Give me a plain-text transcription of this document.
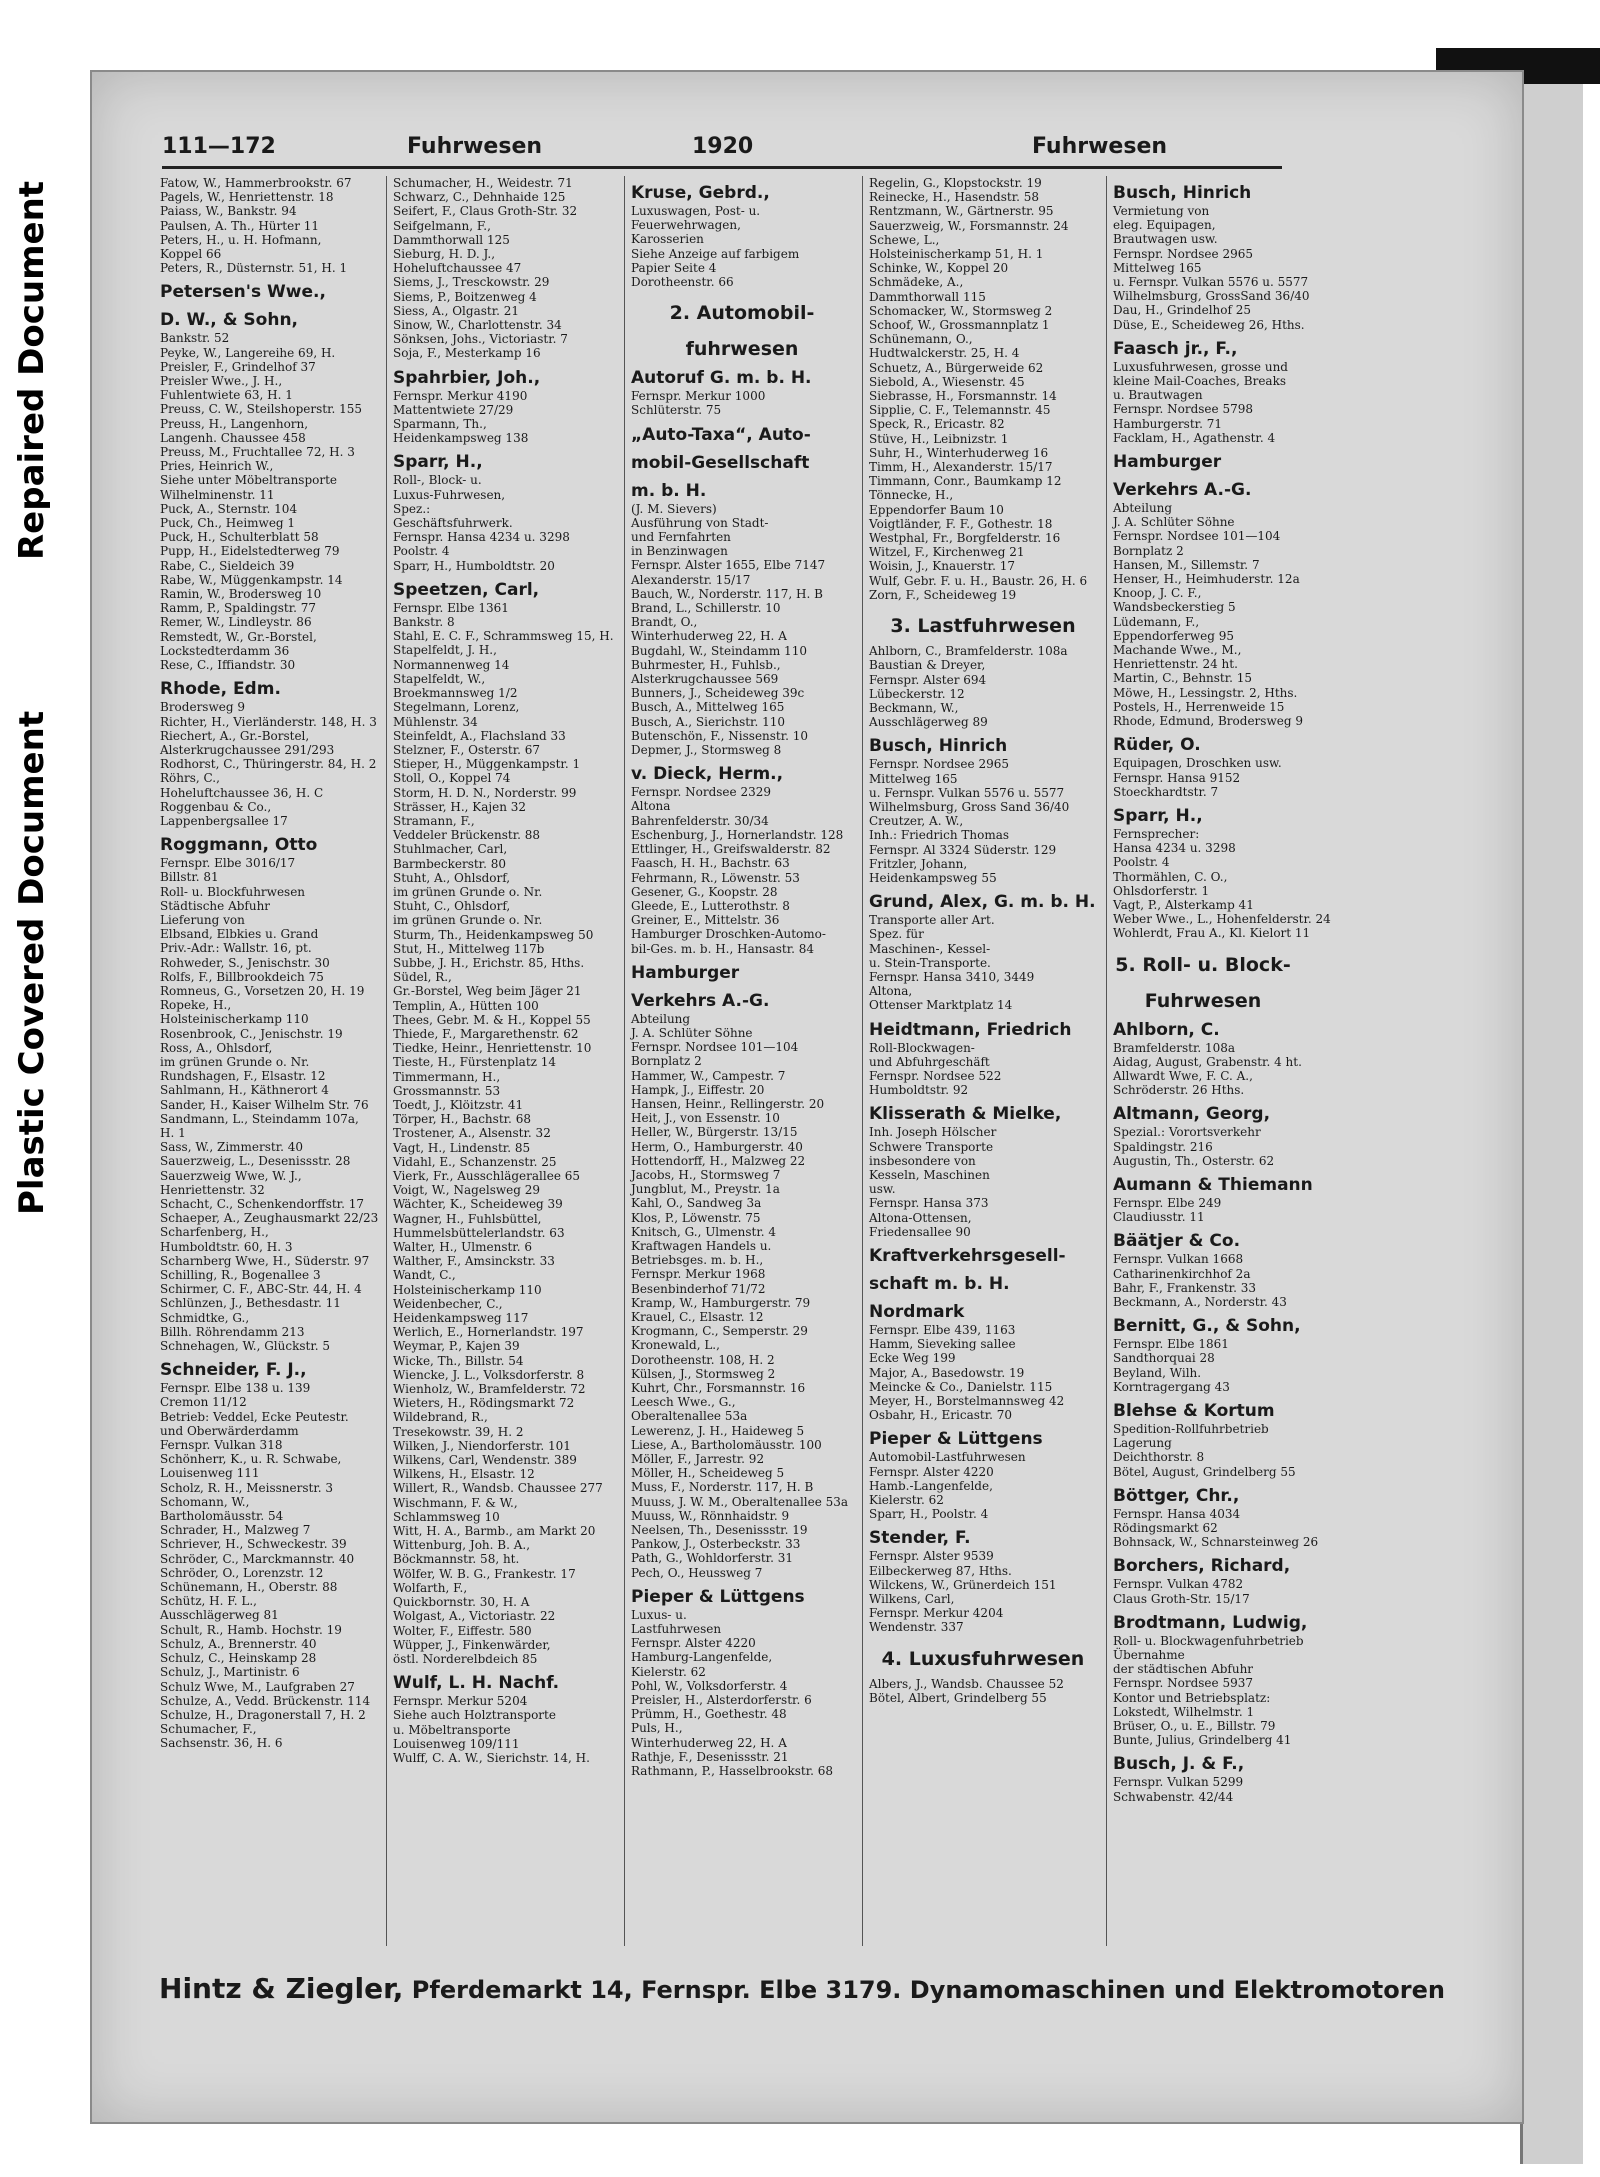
Plastic Covered Document
Repaired Document
111—172	Fuhrwesen	1920	Fuhrwesen
Fatow, W., Hammerbrookstr. 67
Pagels, W., Henriettenstr. 18
Paiass, W., Bankstr. 94
Paulsen, A. Th., Hürter 11
Peters, H., u. H. Hofmann,
Koppel 66
Peters, R., Düsternstr. 51, H. 1
Petersen's Wwe.,
D. W., & Sohn,
Bankstr. 52
Peyke, W., Langereihe 69, H.
Preisler, F., Grindelhof 37
Preisler Wwe., J. H.,
Fuhlentwiete 63, H. 1
Preuss, C. W., Steilshoperstr. 155
Preuss, H., Langenhorn,
Langenh. Chaussee 458
Preuss, M., Fruchtallee 72, H. 3
Pries, Heinrich W.,
Siehe unter Möbeltransporte
Wilhelminenstr. 11
Puck, A., Sternstr. 104
Puck, Ch., Heimweg 1
Puck, H., Schulterblatt 58
Pupp, H., Eidelstedterweg 79
Rabe, C., Sieldeich 39
Rabe, W., Müggenkampstr. 14
Ramin, W., Brodersweg 10
Ramm, P., Spaldingstr. 77
Remer, W., Lindleystr. 86
Remstedt, W., Gr.-Borstel,
Lockstedterdamm 36
Rese, C., Iffiandstr. 30
Rhode, Edm.
Brodersweg 9
Richter, H., Vierländerstr. 148, H. 3
Riechert, A., Gr.-Borstel,
Alsterkrugchaussee 291/293
Rodhorst, C., Thüringerstr. 84, H. 2
Röhrs, C.,
Hoheluftchaussee 36, H. C
Roggenbau & Co.,
Lappenbergsallee 17
Roggmann, Otto
Fernspr. Elbe 3016/17
Billstr. 81
Roll- u. Blockfuhrwesen
Städtische Abfuhr
Lieferung von
Elbsand, Elbkies u. Grand
Priv.-Adr.: Wallstr. 16, pt.
Rohweder, S., Jenischstr. 30
Rolfs, F., Billbrookdeich 75
Romneus, G., Vorsetzen 20, H. 19
Ropeke, H.,
Holsteinischerkamp 110
Rosenbrook, C., Jenischstr. 19
Ross, A., Ohlsdorf,
im grünen Grunde o. Nr.
Rundshagen, F., Elsastr. 12
Sahlmann, H., Käthnerort 4
Sander, H., Kaiser Wilhelm Str. 76
Sandmann, L., Steindamm 107a,
H. 1
Sass, W., Zimmerstr. 40
Sauerzweig, L., Desenissstr. 28
Sauerzweig Wwe, W. J.,
Henriettenstr. 32
Schacht, C., Schenkendorffstr. 17
Schaeper, A., Zeughausmarkt 22/23
Scharfenberg, H.,
Humboldtstr. 60, H. 3
Scharnberg Wwe, H., Süderstr. 97
Schilling, R., Bogenallee 3
Schirmer, C. F., ABC-Str. 44, H. 4
Schlünzen, J., Bethesdastr. 11
Schmidtke, G.,
Billh. Röhrendamm 213
Schnehagen, W., Glückstr. 5
Schneider, F. J.,
Fernspr. Elbe 138 u. 139
Cremon 11/12
Betrieb: Veddel, Ecke Peutestr.
und Oberwärderdamm
Fernspr. Vulkan 318
Schönherr, K., u. R. Schwabe,
Louisenweg 111
Scholz, R. H., Meissnerstr. 3
Schomann, W.,
Bartholomäusstr. 54
Schrader, H., Malzweg 7
Schriever, H., Schweckestr. 39
Schröder, C., Marckmannstr. 40
Schröder, O., Lorenzstr. 12
Schünemann, H., Oberstr. 88
Schütz, H. F. L.,
Ausschlägerweg 81
Schult, R., Hamb. Hochstr. 19
Schulz, A., Brennerstr. 40
Schulz, C., Heinskamp 28
Schulz, J., Martinistr. 6
Schulz Wwe, M., Laufgraben 27
Schulze, A., Vedd. Brückenstr. 114
Schulze, H., Dragonerstall 7, H. 2
Schumacher, F.,
Sachsenstr. 36, H. 6
Schumacher, H., Weidestr. 71
Schwarz, C., Dehnhaide 125
Seifert, F., Claus Groth-Str. 32
Seifgelmann, F.,
Dammthorwall 125
Sieburg, H. D. J.,
Hoheluftchaussee 47
Siems, J., Tresckowstr. 29
Siems, P., Boitzenweg 4
Siess, A., Olgastr. 21
Sinow, W., Charlottenstr. 34
Sönksen, Johs., Victoriastr. 7
Soja, F., Mesterkamp 16
Spahrbier, Joh.,
Fernspr. Merkur 4190
Mattentwiete 27/29
Sparmann, Th.,
Heidenkampsweg 138
Sparr, H.,
Roll-, Block- u.
Luxus-Fuhrwesen,
Spez.:
Geschäftsfuhrwerk.
Fernspr. Hansa 4234 u. 3298
Poolstr. 4
Sparr, H., Humboldtstr. 20
Speetzen, Carl,
Fernspr. Elbe 1361
Bankstr. 8
Stahl, E. C. F., Schrammsweg 15, H.
Stapelfeldt, J. H.,
Normannenweg 14
Stapelfeldt, W.,
Broekmannsweg 1/2
Stegelmann, Lorenz,
Mühlenstr. 34
Steinfeldt, A., Flachsland 33
Stelzner, F., Osterstr. 67
Stieper, H., Müggenkampstr. 1
Stoll, O., Koppel 74
Storm, H. D. N., Norderstr. 99
Strässer, H., Kajen 32
Stramann, F.,
Veddeler Brückenstr. 88
Stuhlmacher, Carl,
Barmbeckerstr. 80
Stuht, A., Ohlsdorf,
im grünen Grunde o. Nr.
Stuht, C., Ohlsdorf,
im grünen Grunde o. Nr.
Sturm, Th., Heidenkampsweg 50
Stut, H., Mittelweg 117b
Subbe, J. H., Erichstr. 85, Hths.
Südel, R.,
Gr.-Borstel, Weg beim Jäger 21
Templin, A., Hütten 100
Thees, Gebr. M. & H., Koppel 55
Thiede, F., Margarethenstr. 62
Tiedke, Heinr., Henriettenstr. 10
Tieste, H., Fürstenplatz 14
Timmermann, H.,
Grossmannstr. 53
Toedt, J., Klöitzstr. 41
Törper, H., Bachstr. 68
Trostener, A., Alsenstr. 32
Vagt, H., Lindenstr. 85
Vidahl, E., Schanzenstr. 25
Vierk, Fr., Ausschlägerallee 65
Voigt, W., Nagelsweg 29
Wächter, K., Scheideweg 39
Wagner, H., Fuhlsbüttel,
Hummelsbüttelerlandstr. 63
Walter, H., Ulmenstr. 6
Walther, F., Amsinckstr. 33
Wandt, C.,
Holsteinischerkamp 110
Weidenbecher, C.,
Heidenkampsweg 117
Werlich, E., Hornerlandstr. 197
Weymar, P., Kajen 39
Wicke, Th., Billstr. 54
Wiencke, J. L., Volksdorferstr. 8
Wienholz, W., Bramfelderstr. 72
Wieters, H., Rödingsmarkt 72
Wildebrand, R.,
Tresekowstr. 39, H. 2
Wilken, J., Niendorferstr. 101
Wilkens, Carl, Wendenstr. 389
Wilkens, H., Elsastr. 12
Willert, R., Wandsb. Chaussee 277
Wischmann, F. & W.,
Schlammsweg 10
Witt, H. A., Barmb., am Markt 20
Wittenburg, Joh. B. A.,
Böckmannstr. 58, ht.
Wölfer, W. B. G., Frankestr. 17
Wolfarth, F.,
Quickbornstr. 30, H. A
Wolgast, A., Victoriastr. 22
Wolter, F., Eiffestr. 580
Wüpper, J., Finkenwärder,
östl. Norderelbdeich 85
Wulf, L. H. Nachf.
Fernspr. Merkur 5204
Siehe auch Holztransporte
u. Möbeltransporte
Louisenweg 109/111
Wulff, C. A. W., Sierichstr. 14, H.
Kruse, Gebrd.,
Luxuswagen, Post- u.
Feuerwehrwagen,
Karosserien
Siehe Anzeige auf farbigem
Papier Seite 4
Dorotheenstr. 66
2. Automobil-
fuhrwesen
Autoruf G. m. b. H.
Fernspr. Merkur 1000
Schlüterstr. 75
„Auto-Taxa“, Auto-
mobil-Gesellschaft
m. b. H.
(J. M. Sievers)
Ausführung von Stadt-
und Fernfahrten
in Benzinwagen
Fernspr. Alster 1655, Elbe 7147
Alexanderstr. 15/17
Bauch, W., Norderstr. 117, H. B
Brand, L., Schillerstr. 10
Brandt, O.,
Winterhuderweg 22, H. A
Bugdahl, W., Steindamm 110
Buhrmester, H., Fuhlsb.,
Alsterkrugchaussee 569
Bunners, J., Scheideweg 39c
Busch, A., Mittelweg 165
Busch, A., Sierichstr. 110
Butenschön, F., Nissenstr. 10
Depmer, J., Stormsweg 8
v. Dieck, Herm.,
Fernspr. Nordsee 2329
Altona
Bahrenfelderstr. 30/34
Eschenburg, J., Hornerlandstr. 128
Ettlinger, H., Greifswalderstr. 82
Faasch, H. H., Bachstr. 63
Fehrmann, R., Löwenstr. 53
Gesener, G., Koopstr. 28
Gleede, E., Lutterothstr. 8
Greiner, E., Mittelstr. 36
Hamburger Droschken-Automo-
bil-Ges. m. b. H., Hansastr. 84
Hamburger
Verkehrs A.-G.
Abteilung
J. A. Schlüter Söhne
Fernspr. Nordsee 101—104
Bornplatz 2
Hammer, W., Campestr. 7
Hampk, J., Eiffestr. 20
Hansen, Heinr., Rellingerstr. 20
Heit, J., von Essenstr. 10
Heller, W., Bürgerstr. 13/15
Herm, O., Hamburgerstr. 40
Hottendorff, H., Malzweg 22
Jacobs, H., Stormsweg 7
Jungblut, M., Preystr. 1a
Kahl, O., Sandweg 3a
Klos, P., Löwenstr. 75
Knitsch, G., Ulmenstr. 4
Kraftwagen Handels u.
Betriebsges. m. b. H.,
Fernspr. Merkur 1968
Besenbinderhof 71/72
Kramp, W., Hamburgerstr. 79
Krauel, C., Elsastr. 12
Krogmann, C., Semperstr. 29
Kronewald, L.,
Dorotheenstr. 108, H. 2
Külsen, J., Stormsweg 2
Kuhrt, Chr., Forsmannstr. 16
Leesch Wwe., G.,
Oberaltenallee 53a
Lewerenz, J. H., Haideweg 5
Liese, A., Bartholomäusstr. 100
Möller, F., Jarrestr. 92
Möller, H., Scheideweg 5
Muss, F., Norderstr. 117, H. B
Muuss, J. W. M., Oberaltenallee 53a
Muuss, W., Rönnhaidstr. 9
Neelsen, Th., Desenissstr. 19
Pankow, J., Osterbeckstr. 33
Path, G., Wohldorferstr. 31
Pech, O., Heussweg 7
Pieper & Lüttgens
Luxus- u.
Lastfuhrwesen
Fernspr. Alster 4220
Hamburg-Langenfelde,
Kielerstr. 62
Pohl, W., Volksdorferstr. 4
Preisler, H., Alsterdorferstr. 6
Prümm, H., Goethestr. 48
Puls, H.,
Winterhuderweg 22, H. A
Rathje, F., Desenissstr. 21
Rathmann, P., Hasselbrookstr. 68
Regelin, G., Klopstockstr. 19
Reinecke, H., Hasendstr. 58
Rentzmann, W., Gärtnerstr. 95
Sauerzweig, W., Forsmannstr. 24
Schewe, L.,
Holsteinischerkamp 51, H. 1
Schinke, W., Koppel 20
Schmädeke, A.,
Dammthorwall 115
Schomacker, W., Stormsweg 2
Schoof, W., Grossmannplatz 1
Schünemann, O.,
Hudtwalckerstr. 25, H. 4
Schuetz, A., Bürgerweide 62
Siebold, A., Wiesenstr. 45
Siebrasse, H., Forsmannstr. 14
Sipplie, C. F., Telemannstr. 45
Speck, R., Ericastr. 82
Stüve, H., Leibnizstr. 1
Suhr, H., Winterhuderweg 16
Timm, H., Alexanderstr. 15/17
Timmann, Conr., Baumkamp 12
Tönnecke, H.,
Eppendorfer Baum 10
Voigtländer, F. F., Gothestr. 18
Westphal, Fr., Borgfelderstr. 16
Witzel, F., Kirchenweg 21
Woisin, J., Knauerstr. 17
Wulf, Gebr. F. u. H., Baustr. 26, H. 6
Zorn, F., Scheideweg 19
3. Lastfuhrwesen
Ahlborn, C., Bramfelderstr. 108a
Baustian & Dreyer,
Fernspr. Alster 694
Lübeckerstr. 12
Beckmann, W.,
Ausschlägerweg 89
Busch, Hinrich
Fernspr. Nordsee 2965
Mittelweg 165
u. Fernspr. Vulkan 5576 u. 5577
Wilhelmsburg, Gross Sand 36/40
Creutzer, A. W.,
Inh.: Friedrich Thomas
Fernspr. Al 3324 Süderstr. 129
Fritzler, Johann,
Heidenkampsweg 55
Grund, Alex, G. m. b. H.
Transporte aller Art.
Spez. für
Maschinen-, Kessel-
u. Stein-Transporte.
Fernspr. Hansa 3410, 3449
Altona,
Ottenser Marktplatz 14
Heidtmann, Friedrich
Roll-Blockwagen-
und Abfuhrgeschäft
Fernspr. Nordsee 522
Humboldtstr. 92
Klisserath & Mielke,
Inh. Joseph Hölscher
Schwere Transporte
insbesondere von
Kesseln, Maschinen
usw.
Fernspr. Hansa 373
Altona-Ottensen,
Friedensallee 90
Kraftverkehrsgesell-
schaft m. b. H.
Nordmark
Fernspr. Elbe 439, 1163
Hamm, Sieveking sallee
Ecke Weg 199
Major, A., Basedowstr. 19
Meincke & Co., Danielstr. 115
Meyer, H., Borstelmannsweg 42
Osbahr, H., Ericastr. 70
Pieper & Lüttgens
Automobil-Lastfuhrwesen
Fernspr. Alster 4220
Hamb.-Langenfelde,
Kielerstr. 62
Sparr, H., Poolstr. 4
Stender, F.
Fernspr. Alster 9539
Eilbeckerweg 87, Hths.
Wilckens, W., Grünerdeich 151
Wilkens, Carl,
Fernspr. Merkur 4204
Wendenstr. 337
4. Luxusfuhrwesen
Albers, J., Wandsb. Chaussee 52
Bötel, Albert, Grindelberg 55
Busch, Hinrich
Vermietung von
eleg. Equipagen,
Brautwagen usw.
Fernspr. Nordsee 2965
Mittelweg 165
u. Fernspr. Vulkan 5576 u. 5577
Wilhelmsburg, GrossSand 36/40
Dau, H., Grindelhof 25
Düse, E., Scheideweg 26, Hths.
Faasch jr., F.,
Luxusfuhrwesen, grosse und
kleine Mail-Coaches, Breaks
u. Brautwagen
Fernspr. Nordsee 5798
Hamburgerstr. 71
Facklam, H., Agathenstr. 4
Hamburger
Verkehrs A.-G.
Abteilung
J. A. Schlüter Söhne
Fernspr. Nordsee 101—104
Bornplatz 2
Hansen, M., Sillemstr. 7
Henser, H., Heimhuderstr. 12a
Knoop, J. C. F.,
Wandsbeckerstieg 5
Lüdemann, F.,
Eppendorferweg 95
Machande Wwe., M.,
Henriettenstr. 24 ht.
Martin, C., Behnstr. 15
Möwe, H., Lessingstr. 2, Hths.
Postels, H., Herrenweide 15
Rhode, Edmund, Brodersweg 9
Rüder, O.
Equipagen, Droschken usw.
Fernspr. Hansa 9152
Stoeckhardtstr. 7
Sparr, H.,
Fernsprecher:
Hansa 4234 u. 3298
Poolstr. 4
Thormählen, C. O.,
Ohlsdorferstr. 1
Vagt, P., Alsterkamp 41
Weber Wwe., L., Hohenfelderstr. 24
Wohlerdt, Frau A., Kl. Kielort 11
5. Roll- u. Block-
Fuhrwesen
Ahlborn, C.
Bramfelderstr. 108a
Aidag, August, Grabenstr. 4 ht.
Allwardt Wwe, F. C. A.,
Schröderstr. 26 Hths.
Altmann, Georg,
Spezial.: Vorortsverkehr
Spaldingstr. 216
Augustin, Th., Osterstr. 62
Aumann & Thiemann
Fernspr. Elbe 249
Claudiusstr. 11
Bäätjer & Co.
Fernspr. Vulkan 1668
Catharinenkirchhof 2a
Bahr, F., Frankenstr. 33
Beckmann, A., Norderstr. 43
Bernitt, G., & Sohn,
Fernspr. Elbe 1861
Sandthorquai 28
Beyland, Wilh.
Korntragergang 43
Blehse & Kortum
Spedition-Rollfuhrbetrieb
Lagerung
Deichthorstr. 8
Bötel, August, Grindelberg 55
Böttger, Chr.,
Fernspr. Hansa 4034
Rödingsmarkt 62
Bohnsack, W., Schnarsteinweg 26
Borchers, Richard,
Fernspr. Vulkan 4782
Claus Groth-Str. 15/17
Brodtmann, Ludwig,
Roll- u. Blockwagenfuhrbetrieb
Übernahme
der städtischen Abfuhr
Fernspr. Nordsee 5937
Kontor und Betriebsplatz:
Lokstedt, Wilhelmstr. 1
Brüser, O., u. E., Billstr. 79
Bunte, Julius, Grindelberg 41
Busch, J. & F.,
Fernspr. Vulkan 5299
Schwabenstr. 42/44
Hintz & Ziegler, Pferdemarkt 14, Fernspr. Elbe 3179. Dynamomaschinen und Elektromotoren
